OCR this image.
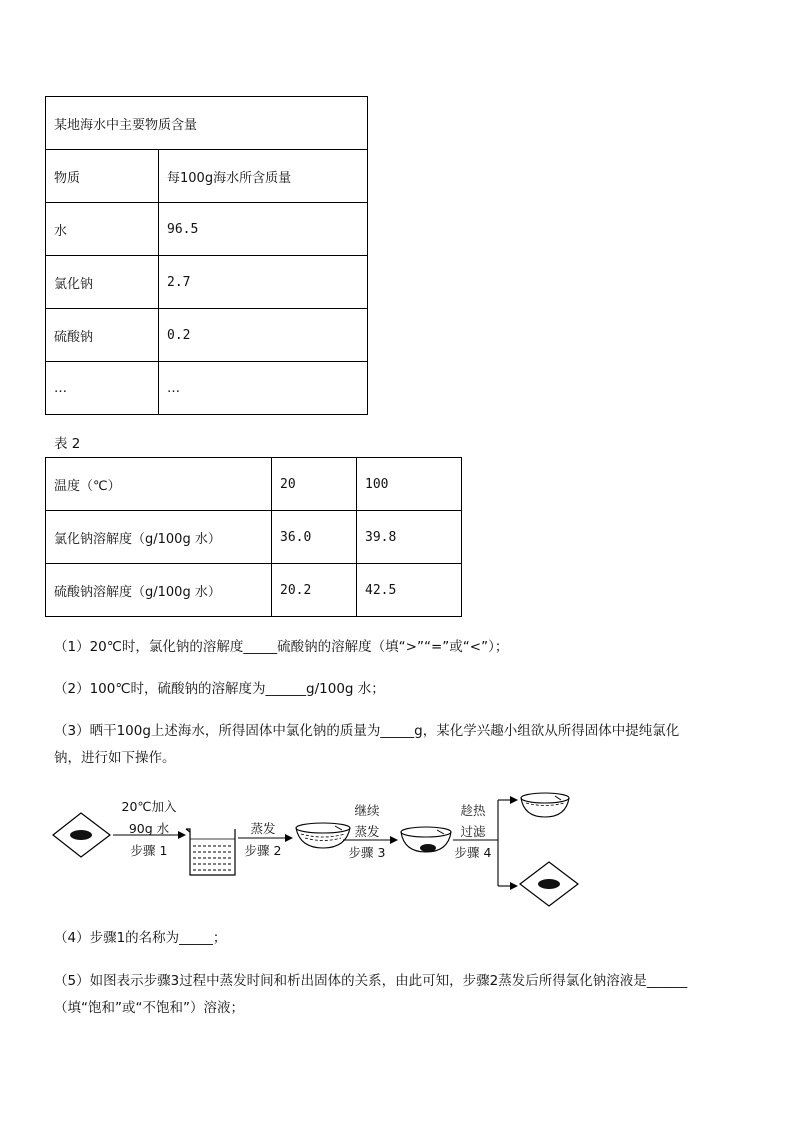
某地海水中主要物质含量	
物质	每100g海水所含质量
水	96.5
氯化钠	2.7
硫酸钠	0.2
…	…
表 2
温度（℃）	20	100
氯化钠溶解度（g/100g 水）	36.0	39.8
硫酸钠溶解度（g/100g 水）	20.2	42.5
（1）20℃时，氯化钠的溶解度_____硫酸钠的溶解度（填“>”“=”或“<”）；
（2）100℃时，硫酸钠的溶解度为______g/100g 水；
（3）晒干100g上述海水，所得固体中氯化钠的质量为_____g，某化学兴趣小组欲从所得固体中提纯氯化
钠，进行如下操作。
20℃加入
90g 水
步骤 1
蒸发
步骤 2
继续
蒸发
步骤 3
趁热
过滤
步骤 4
（4）步骤1的名称为_____；
（5）如图表示步骤3过程中蒸发时间和析出固体的关系，由此可知，步骤2蒸发后所得氯化钠溶液是______
（填“饱和”或“不饱和”）溶液；
